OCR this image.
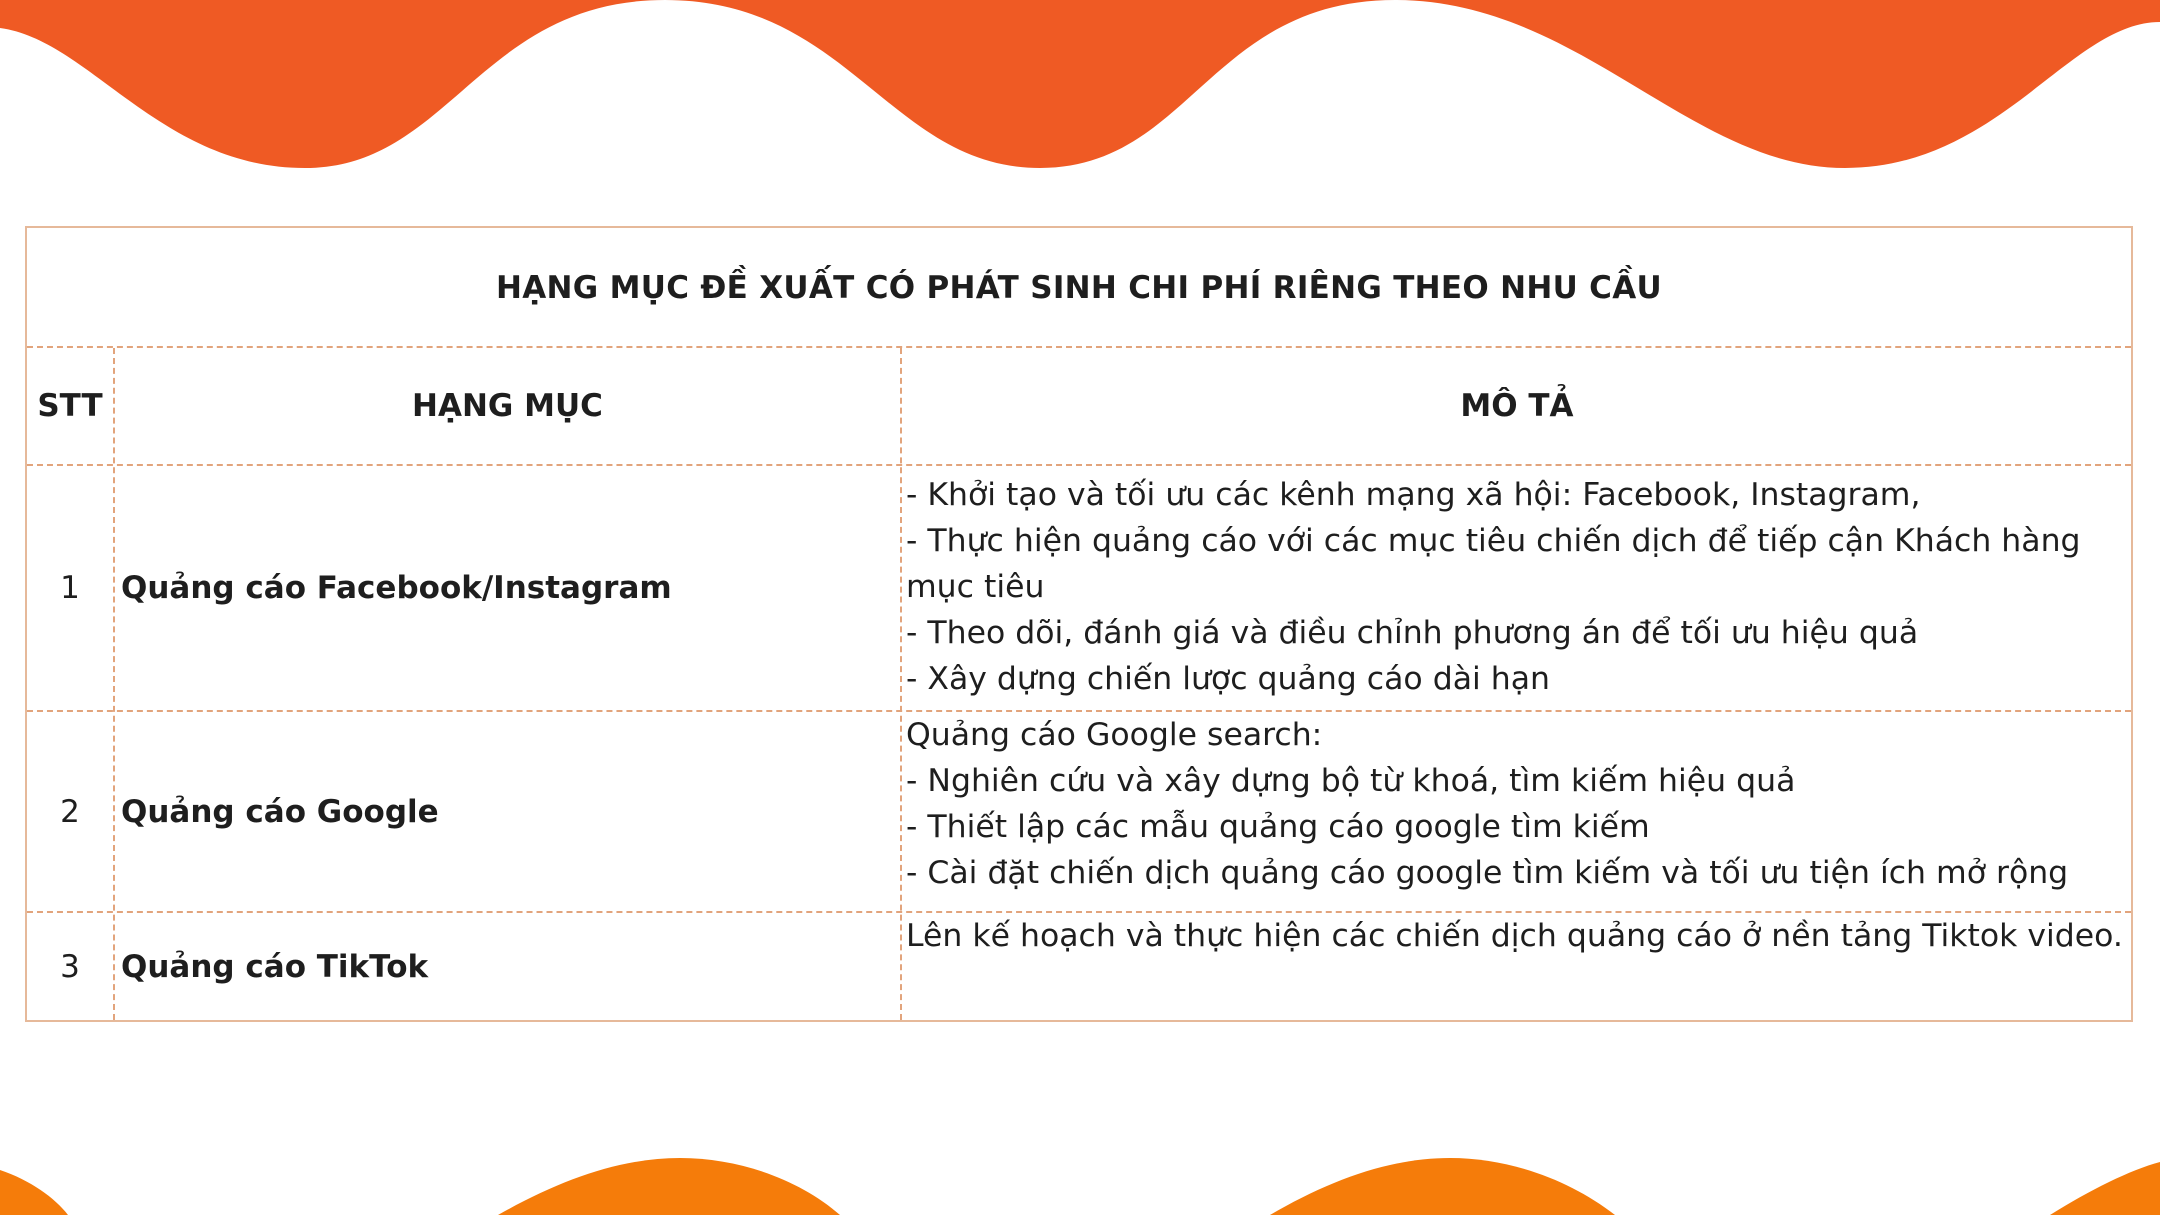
HẠNG MỤC ĐỀ XUẤT CÓ PHÁT SINH CHI PHÍ RIÊNG THEO NHU CẦU
STT	HẠNG MỤC	MÔ TẢ
1 Quảng cáo Facebook/Instagram
- Khởi tạo và tối ưu các kênh mạng xã hội: Facebook, Instagram,
- Thực hiện quảng cáo với các mục tiêu chiến dịch để tiếp cận Khách hàng mục tiêu
- Theo dõi, đánh giá và điều chỉnh phương án để tối ưu hiệu quả
- Xây dựng chiến lược quảng cáo dài hạn
2 Quảng cáo Google
Quảng cáo Google search:
- Nghiên cứu và xây dựng bộ từ khoá, tìm kiếm hiệu quả
- Thiết lập các mẫu quảng cáo google tìm kiếm
- Cài đặt chiến dịch quảng cáo google tìm kiếm và tối ưu tiện ích mở rộng
3 Quảng cáo TikTok
Lên kế hoạch và thực hiện các chiến dịch quảng cáo ở nền tảng Tiktok video.
